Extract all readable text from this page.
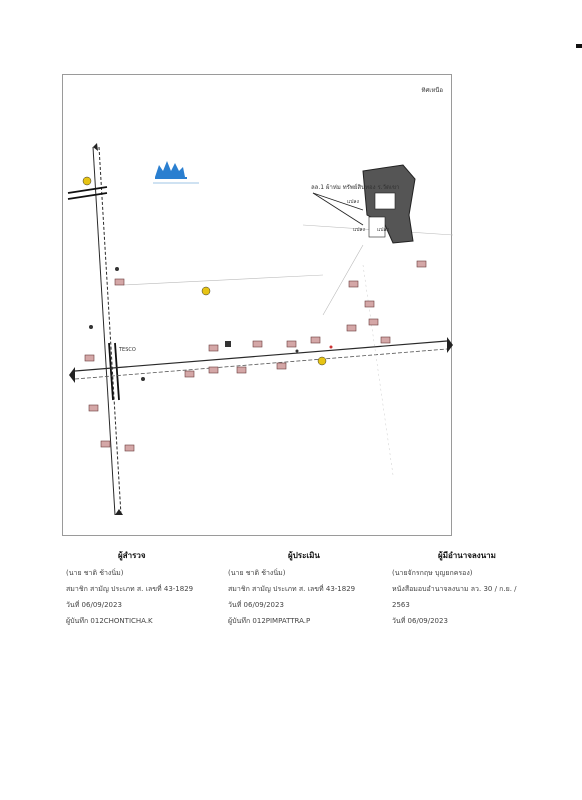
ทิศเหนือ
ลล.1 ผ้าห่ม ทรัพย์สินทอง ร.วัดเขา
แปลง
แปลง แปลง
TESCO
ผู้สำรวจ
(นาย ชาติ ช้างนิ่ม)
สมาชิก สามัญ ประเภท ส. เลขที่ 43-1829
วันที่ 06/09/2023
ผู้บันทึก 012CHONTICHA.K
ผู้ประเมิน
(นาย ชาติ ช้างนิ่ม)
สมาชิก สามัญ ประเภท ส. เลขที่ 43-1829
วันที่ 06/09/2023
ผู้บันทึก 012PIMPATTRA.P
ผู้มีอำนาจลงนาม
(นายจักรกฤษ บุญยกครอง)
หนังสือมอบอำนาจลงนาม ลว. 30 / ก.ย. /
2563
วันที่ 06/09/2023
